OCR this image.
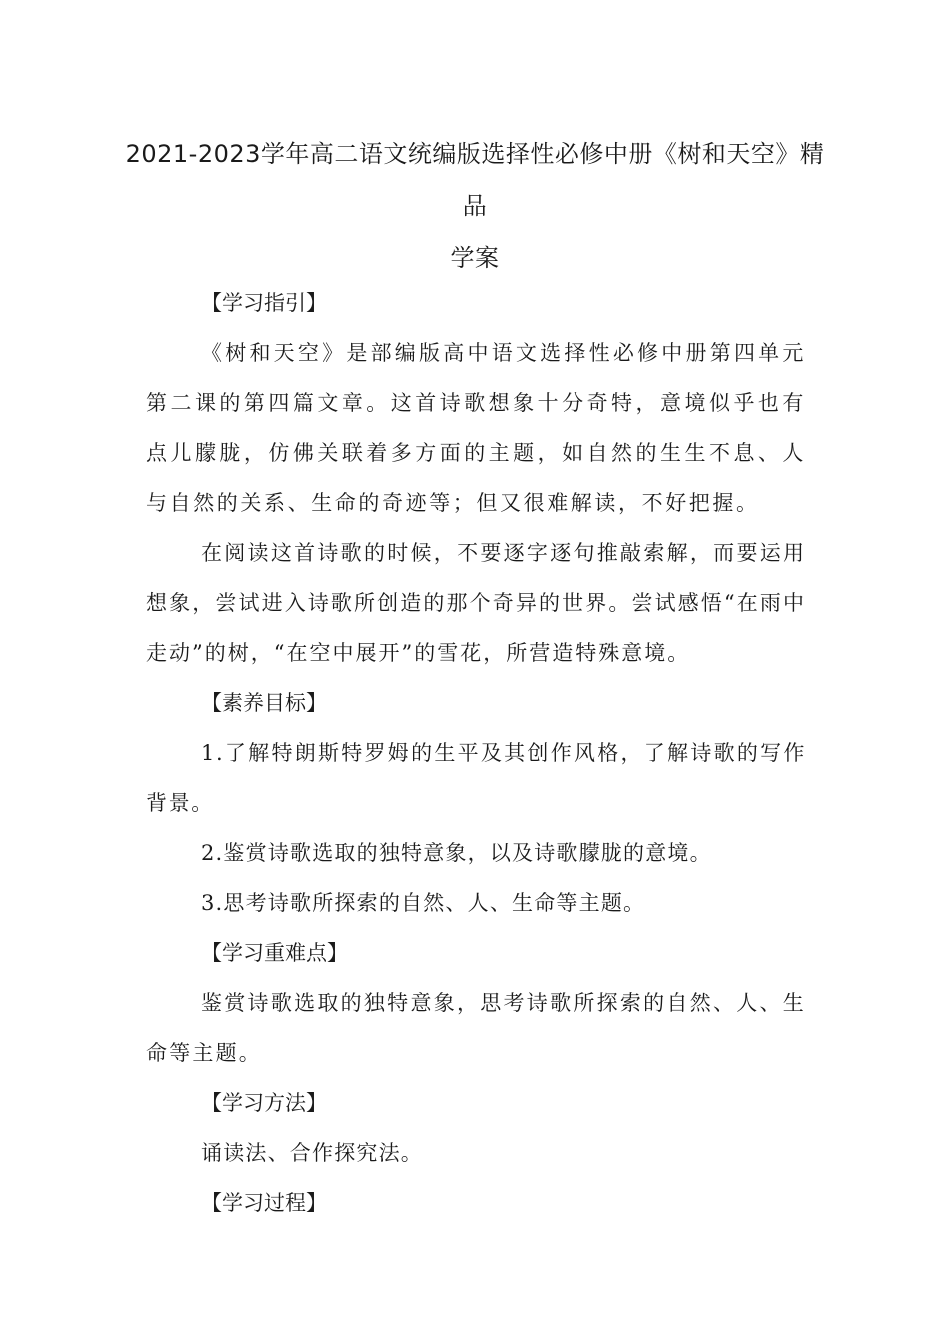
2021-2023学年高二语文统编版选择性必修中册《树和天空》精品
学案

【学习指引】

《树和天空》是部编版高中语文选择性必修中册第四单元第二课的第四篇文章。这首诗歌想象十分奇特，意境似乎也有点儿朦胧，仿佛关联着多方面的主题，如自然的生生不息、人与自然的关系、生命的奇迹等；但又很难解读，不好把握。

在阅读这首诗歌的时候，不要逐字逐句推敲索解，而要运用想象，尝试进入诗歌所创造的那个奇异的世界。尝试感悟“在雨中走动”的树，“在空中展开”的雪花，所营造特殊意境。

【素养目标】

1.了解特朗斯特罗姆的生平及其创作风格，了解诗歌的写作背景。

2.鉴赏诗歌选取的独特意象，以及诗歌朦胧的意境。

3.思考诗歌所探索的自然、人、生命等主题。

【学习重难点】

鉴赏诗歌选取的独特意象，思考诗歌所探索的自然、人、生命等主题。

【学习方法】

诵读法、合作探究法。

【学习过程】
